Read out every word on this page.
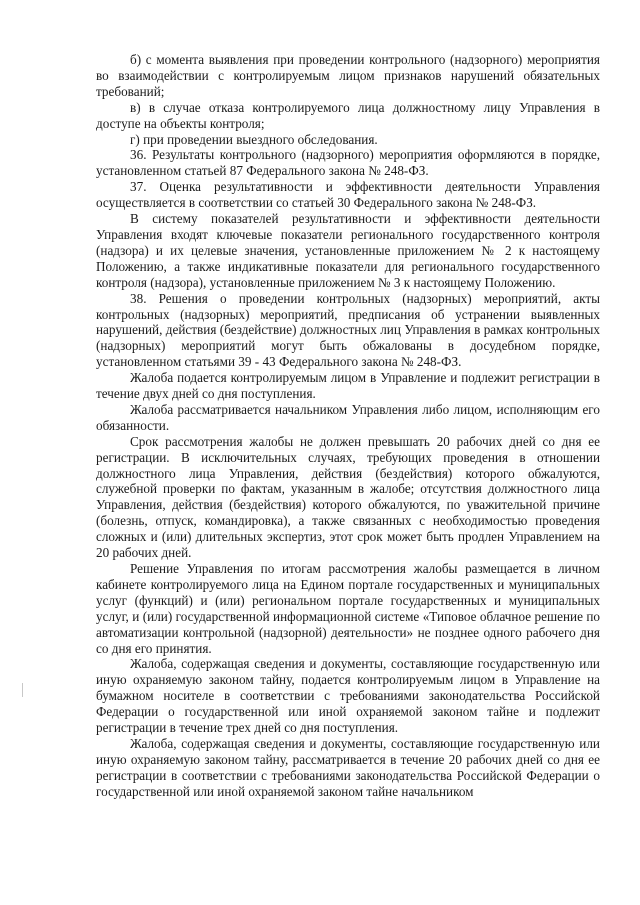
б) с момента выявления при проведении контрольного (надзорного) мероприятия во взаимодействии с контролируемым лицом признаков нарушений обязательных требований;

в) в случае отказа контролируемого лица должностному лицу Управления в доступе на объекты контроля;

г) при проведении выездного обследования.

36. Результаты контрольного (надзорного) мероприятия оформляются в порядке, установленном статьей 87 Федерального закона № 248-ФЗ.

37. Оценка результативности и эффективности деятельности Управления осуществляется в соответствии со статьей 30 Федерального закона № 248-ФЗ.

В систему показателей результативности и эффективности деятельности Управления входят ключевые показатели регионального государственного контроля (надзора) и их целевые значения, установленные приложением № 2 к настоящему Положению, а также индикативные показатели для регионального государственного контроля (надзора), установленные приложением № 3 к настоящему Положению.

38. Решения о проведении контрольных (надзорных) мероприятий, акты контрольных (надзорных) мероприятий, предписания об устранении выявленных нарушений, действия (бездействие) должностных лиц Управления в рамках контрольных (надзорных) мероприятий могут быть обжалованы в досудебном порядке, установленном статьями 39 - 43 Федерального закона № 248-ФЗ.

Жалоба подается контролируемым лицом в Управление и подлежит регистрации в течение двух дней со дня поступления.

Жалоба рассматривается начальником Управления либо лицом, исполняющим его обязанности.

Срок рассмотрения жалобы не должен превышать 20 рабочих дней со дня ее регистрации. В исключительных случаях, требующих проведения в отношении должностного лица Управления, действия (бездействия) которого обжалуются, служебной проверки по фактам, указанным в жалобе; отсутствия должностного лица Управления, действия (бездействия) которого обжалуются, по уважительной причине (болезнь, отпуск, командировка), а также связанных с необходимостью проведения сложных и (или) длительных экспертиз, этот срок может быть продлен Управлением на 20 рабочих дней.

Решение Управления по итогам рассмотрения жалобы размещается в личном кабинете контролируемого лица на Едином портале государственных и муниципальных услуг (функций) и (или) региональном портале государственных и муниципальных услуг, и (или) государственной информационной системе «Типовое облачное решение по автоматизации контрольной (надзорной) деятельности» не позднее одного рабочего дня со дня его принятия.

Жалоба, содержащая сведения и документы, составляющие государственную или иную охраняемую законом тайну, подается контролируемым лицом в Управление на бумажном носителе в соответствии с требованиями законодательства Российской Федерации о государственной или иной охраняемой законом тайне и подлежит регистрации в течение трех дней со дня поступления.

Жалоба, содержащая сведения и документы, составляющие государственную или иную охраняемую законом тайну, рассматривается в течение 20 рабочих дней со дня ее регистрации в соответствии с требованиями законодательства Российской Федерации о государственной или иной охраняемой законом тайне начальником
